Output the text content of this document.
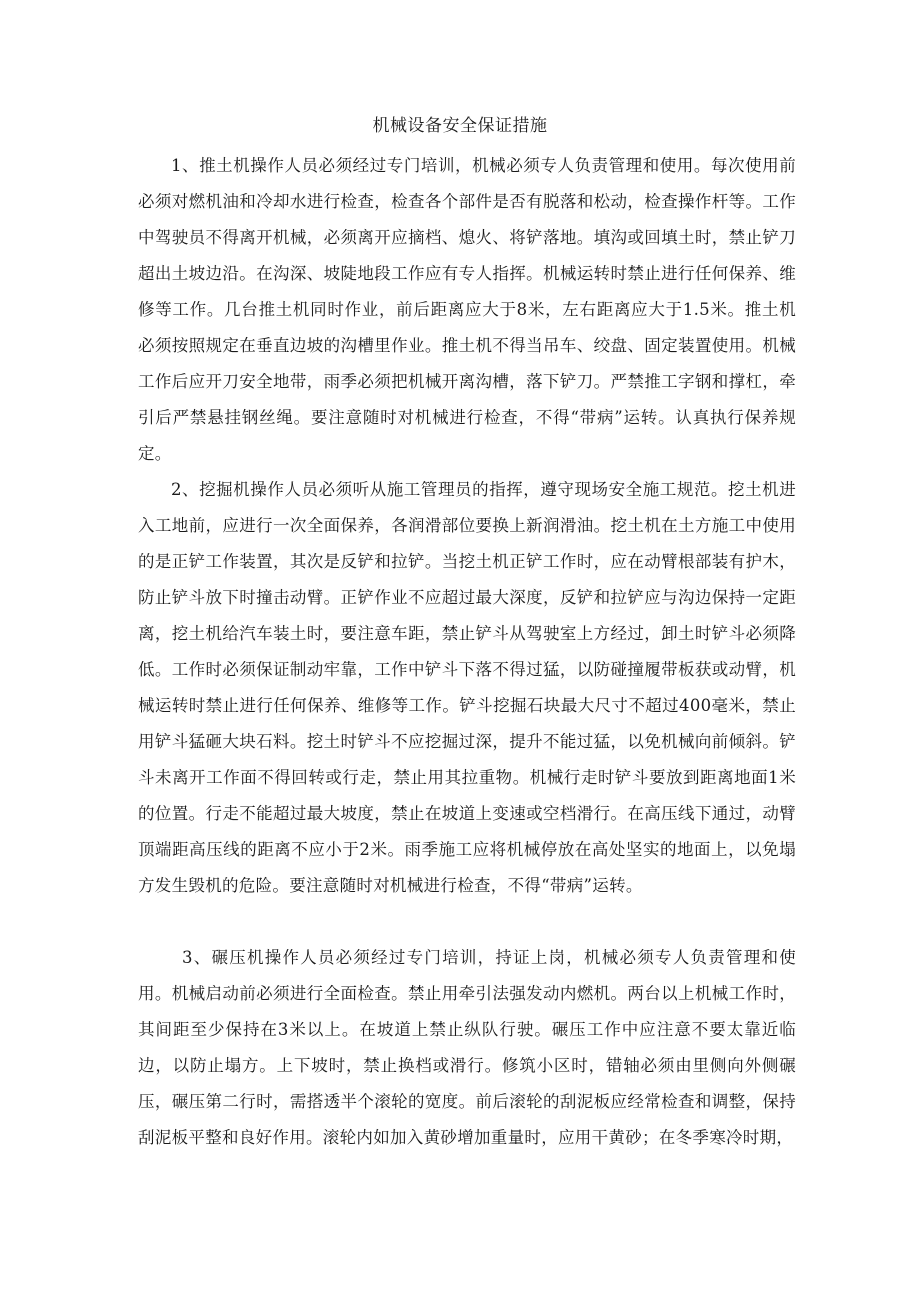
机械设备安全保证措施

1、推土机操作人员必须经过专门培训，机械必须专人负责管理和使用。每次使用前必须对燃机油和冷却水进行检查，检查各个部件是否有脱落和松动，检查操作杆等。工作中驾驶员不得离开机械，必须离开应摘档、熄火、将铲落地。填沟或回填土时，禁止铲刀超出土坡边沿。在沟深、坡陡地段工作应有专人指挥。机械运转时禁止进行任何保养、维修等工作。几台推土机同时作业，前后距离应大于8米，左右距离应大于1.5米。推土机必须按照规定在垂直边坡的沟槽里作业。推土机不得当吊车、绞盘、固定装置使用。机械工作后应开刀安全地带，雨季必须把机械开离沟槽，落下铲刀。严禁推工字钢和撑杠，牵引后严禁悬挂钢丝绳。要注意随时对机械进行检查，不得“带病”运转。认真执行保养规定。

2、挖掘机操作人员必须听从施工管理员的指挥，遵守现场安全施工规范。挖土机进入工地前，应进行一次全面保养，各润滑部位要换上新润滑油。挖土机在土方施工中使用的是正铲工作装置，其次是反铲和拉铲。当挖土机正铲工作时，应在动臂根部装有护木，防止铲斗放下时撞击动臂。正铲作业不应超过最大深度，反铲和拉铲应与沟边保持一定距离，挖土机给汽车装土时，要注意车距，禁止铲斗从驾驶室上方经过，卸土时铲斗必须降低。工作时必须保证制动牢靠，工作中铲斗下落不得过猛，以防碰撞履带板获或动臂，机械运转时禁止进行任何保养、维修等工作。铲斗挖掘石块最大尺寸不超过400毫米，禁止用铲斗猛砸大块石料。挖土时铲斗不应挖掘过深，提升不能过猛，以免机械向前倾斜。铲斗未离开工作面不得回转或行走，禁止用其拉重物。机械行走时铲斗要放到距离地面1米的位置。行走不能超过最大坡度，禁止在坡道上变速或空档滑行。在高压线下通过，动臂顶端距高压线的距离不应小于2米。雨季施工应将机械停放在高处坚实的地面上，以免塌方发生毁机的危险。要注意随时对机械进行检查，不得“带病”运转。

3、碾压机操作人员必须经过专门培训，持证上岗，机械必须专人负责管理和使用。机械启动前必须进行全面检查。禁止用牵引法强发动内燃机。两台以上机械工作时，其间距至少保持在3米以上。在坡道上禁止纵队行驶。碾压工作中应注意不要太靠近临边，以防止塌方。上下坡时，禁止换档或滑行。修筑小区时，错轴必须由里侧向外侧碾压，碾压第二行时，需搭透半个滚轮的宽度。前后滚轮的刮泥板应经常检查和调整，保持刮泥板平整和良好作用。滚轮内如加入黄砂增加重量时，应用干黄砂；在冬季寒冷时期，
